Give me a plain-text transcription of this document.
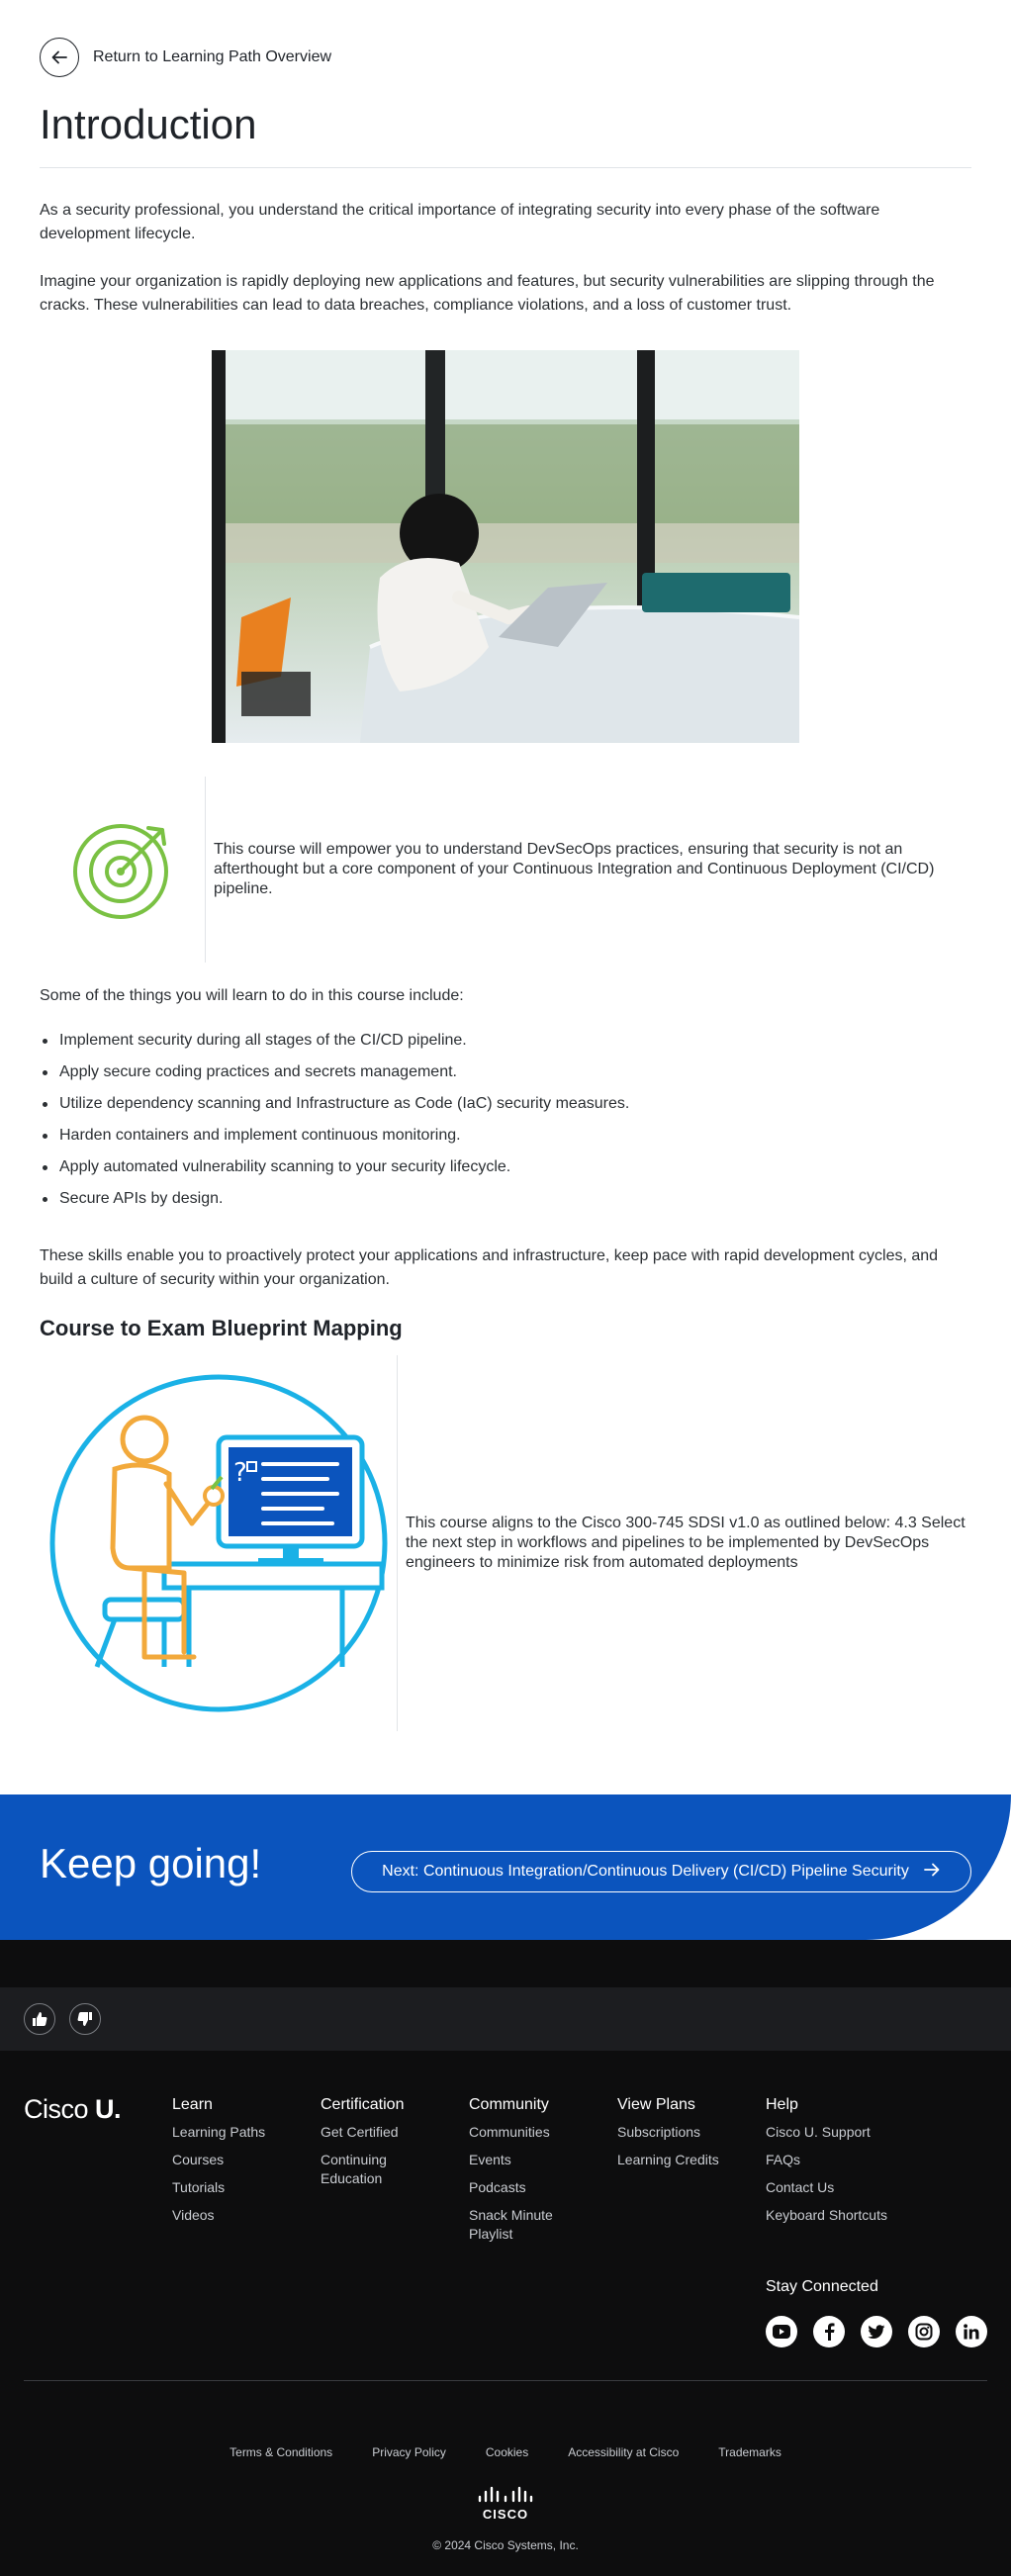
Return to Learning Path Overview
Introduction

As a security professional, you understand the critical importance of integrating security into every phase of the software development lifecycle.

Imagine your organization is rapidly deploying new applications and features, but security vulnerabilities are slipping through the cracks. These vulnerabilities can lead to data breaches, compliance violations, and a loss of customer trust.

This course will empower you to understand DevSecOps practices, ensuring that security is not an afterthought but a core component of your Continuous Integration and Continuous Deployment (CI/CD) pipeline.

Some of the things you will learn to do in this course include:

Implement security during all stages of the CI/CD pipeline.
Apply secure coding practices and secrets management.
Utilize dependency scanning and Infrastructure as Code (IaC) security measures.
Harden containers and implement continuous monitoring.
Apply automated vulnerability scanning to your security lifecycle.
Secure APIs by design.

These skills enable you to proactively protect your applications and infrastructure, keep pace with rapid development cycles, and build a culture of security within your organization.

Course to Exam Blueprint Mapping
?
This course aligns to the Cisco 300-745 SDSI v1.0 as outlined below: 4.3 Select the next step in workflows and pipelines to be implemented by DevSecOps engineers to minimize risk from automated deployments
Keep going!	Next: Continuous Integration/Continuous Delivery (CI/CD) Pipeline Security
Cisco U.	Learn
Learning Paths
Courses
Tutorials
Videos
Certification
Get Certified
Continuing Education
Community
Communities
Events
Podcasts
Snack Minute Playlist
View Plans
Subscriptions
Learning Credits
Help
Cisco U. Support
FAQs
Contact Us
Keyboard Shortcuts
Stay Connected
Terms & Conditions	Privacy Policy	Cookies	Accessibility at Cisco	Trademarks
CISCO
© 2024 Cisco Systems, Inc.
